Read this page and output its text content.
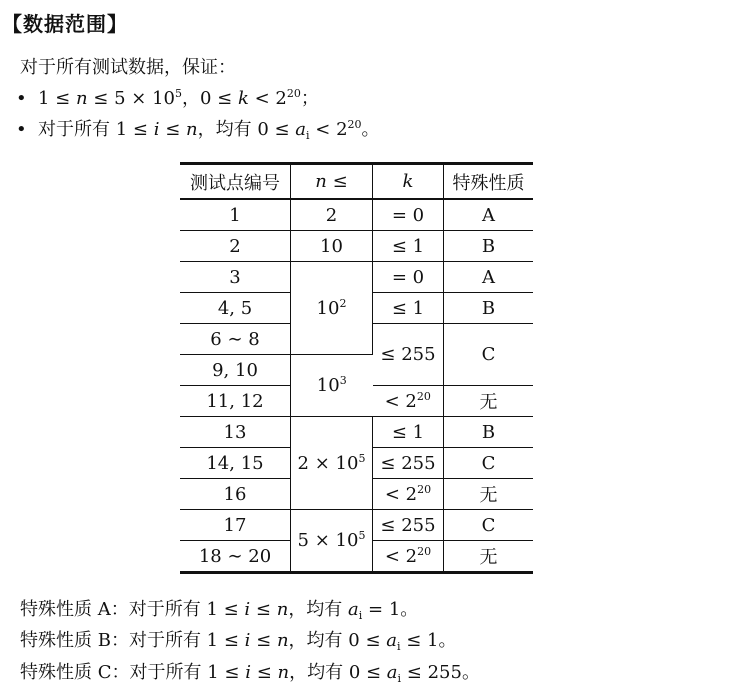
【数据范围】
对于所有测试数据，保证：
• $1 \le n \le 5 \times 10^5$，$0 \le k < 2^{20}$；
• 对于所有 1 ≤ i ≤ n，均有 $0 \le a_i < 2^{20}$。
测试点编号	n ≤	k	特殊性质
1	2	= 0	A
2	10	≤ 1	B
3	$10^2$	= 0	A
4, 5		≤ 1	B
6 ∼ 8		≤ 255	C
9, 10	$10^3$
11, 12		< $2^{20}$	无
13	$2 \times 10^5$	≤ 1	B
14, 15		≤ 255	C
16		< $2^{20}$	无
17	$5 \times 10^5$	≤ 255	C
18 ∼ 20		< $2^{20}$	无
特殊性质 A：对于所有 1 ≤ i ≤ n，均有 $a_i = 1$。
特殊性质 B：对于所有 1 ≤ i ≤ n，均有 $0 \le a_i \le 1$。
特殊性质 C：对于所有 1 ≤ i ≤ n，均有 $0 \le a_i \le 255$。
